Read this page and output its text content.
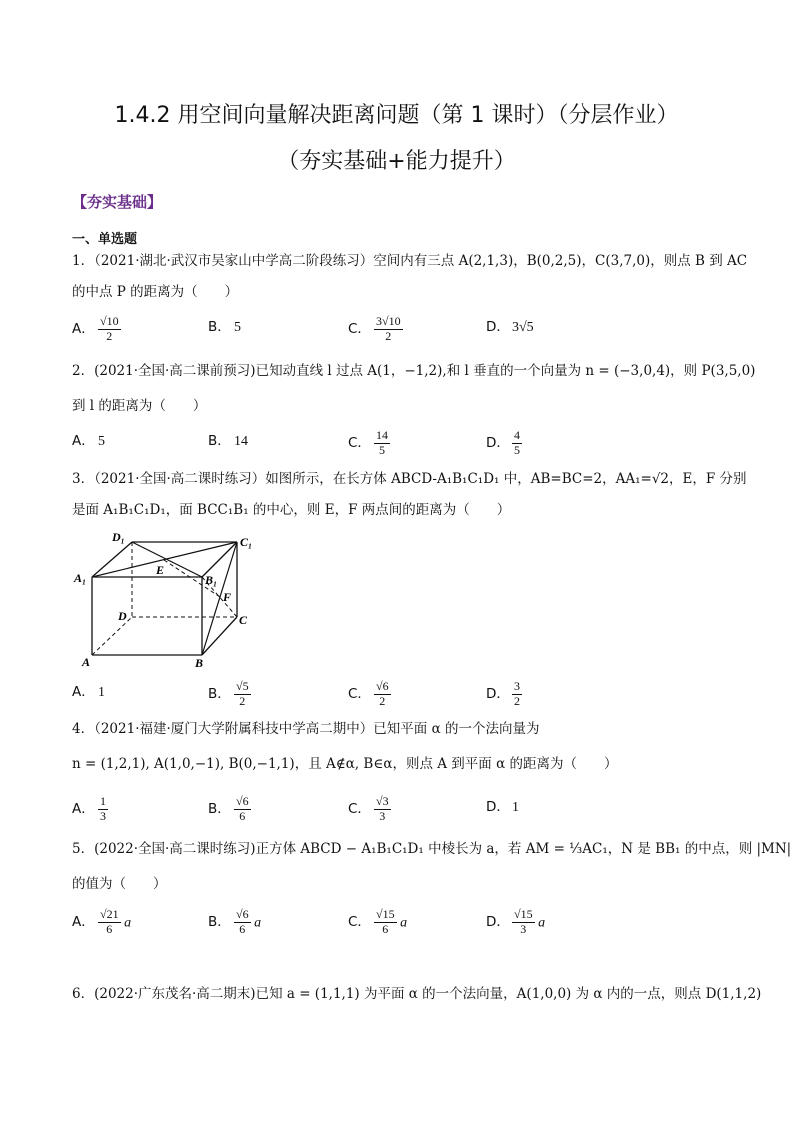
1.4.2 用空间向量解决距离问题（第 1 课时）（分层作业）
（夯实基础+能力提升）
【夯实基础】
一、单选题
1．（2021·湖北·武汉市吴家山中学高二阶段练习）空间内有三点 A(2,1,3)，B(0,2,5)，C(3,7,0)，则点 B 到 AC
的中点 P 的距离为（　　）
2．(2021·全国·高二课前预习)已知动直线 l 过点 A(1，−1,2),和 l 垂直的一个向量为 n = (−3,0,4)，则 P(3,5,0)
到 l 的距离为（　　）
3．（2021·全国·高二课时练习）如图所示，在长方体 ABCD-A₁B₁C₁D₁ 中，AB=BC=2，AA₁=√2，E，F 分别
是面 A₁B₁C₁D₁，面 BCC₁B₁ 的中心，则 E，F 两点间的距离为（　　）
D₁	C₁
A₁	B₁
E
F
D	C
A	B
4．（2021·福建·厦门大学附属科技中学高二期中）已知平面 α 的一个法向量为
n = (1,2,1), A(1,0,−1), B(0,−1,1)，且 A∉α, B∈α，则点 A 到平面 α 的距离为（　　）
5．(2022·全国·高二课时练习)正方体 ABCD − A₁B₁C₁D₁ 中棱长为 a，若 AM = ⅓AC₁，N 是 BB₁ 的中点，则 |MN|
的值为（　　）
6．(2022·广东茂名·高二期末)已知 a = (1,1,1) 为平面 α 的一个法向量，A(1,0,0) 为 α 内的一点，则点 D(1,1,2)
A． $\frac{√10}{2}$	B． 5	C． $\frac{3√10}{2}$	D． 3√5
A． 5	B． 14	C． $\frac{14}{5}$	D． $\frac{4}{5}$
A． 1	B． $\frac{√5}{2}$	C． $\frac{√6}{2}$	D． $\frac{3}{2}$
A． $\frac{1}{3}$	B． $\frac{√6}{6}$	C． $\frac{√3}{3}$	D． 1
A． $\frac{√21}{6}$ a	B． $\frac{√6}{6}$ a	C． $\frac{√15}{6}$ a	D． $\frac{√15}{3}$ a
